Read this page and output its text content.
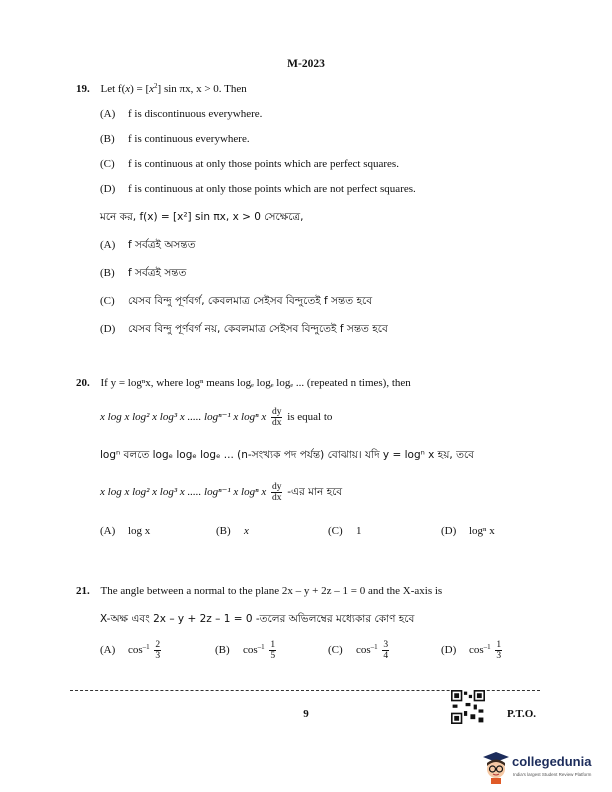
M-2023
19. Let $f(x) = [x^2]$ sin πx, x > 0. Then
(A) f is discontinuous everywhere.
(B) f is continuous everywhere.
(C) f is continuous at only those points which are perfect squares.
(D) f is continuous at only those points which are not perfect squares.
মনে কর, f(x) = [x²] sin πx, x > 0 সেক্ষেত্রে,
(A) f সর্বত্রই অসন্তত
(B) f সর্বত্রই সন্তত
(C) যেসব বিন্দু পূর্ণবর্গ, কেবলমাত্র সেইসব বিন্দুতেই f সন্তত হবে
(D) যেসব বিন্দু পূর্ণবর্গ নয়, কেবলমাত্র সেইসব বিন্দুতেই f সন্তত হবে
20. If y = logⁿx, where logⁿ means logₑ logₑ logₑ ... (repeated n times), then
x log x log² x log³ x ..... logⁿ⁻¹ x logⁿ x $\frac{dy}{dx}$ is equal to
logⁿ বলতে logₑ logₑ logₑ ... (n-সংখ্যক পদ পর্যন্ত) বোঝায়। যদি y = logⁿ x হয়, তবে
x log x log² x log³ x ..... logⁿ⁻¹ x logⁿ x $\frac{dy}{dx}$ -এর মান হবে
(A) log x	(B) x	(C) 1	(D) logⁿ x
21. The angle between a normal to the plane 2x – y + 2z – 1 = 0 and the X-axis is
X-অক্ষ এবং 2x – y + 2z – 1 = 0 -তলের অভিলম্বের মধ্যেকার কোণ হবে
(A) $\cos^{-1} \frac{2}{3}$	(B) $\cos^{-1} \frac{1}{5}$	(C) $\cos^{-1} \frac{3}{4}$	(D) $\cos^{-1} \frac{1}{3}$
9	P.T.O.
collegedunia
India's largest Student Review Platform
